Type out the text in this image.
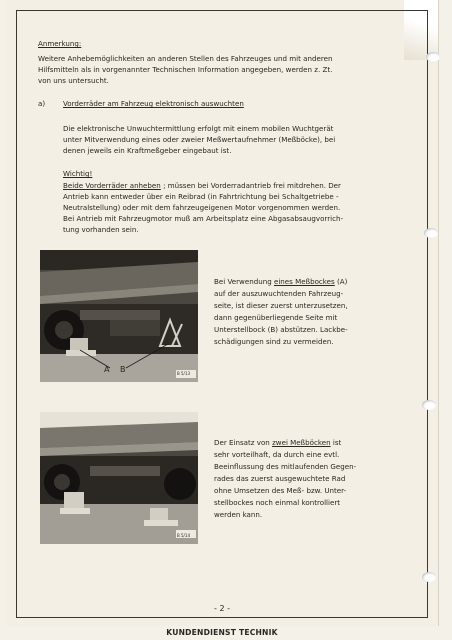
Anmerkung:
Weitere Anhebemöglichkeiten an anderen Stellen des Fahrzeuges und mit anderen
Hilfsmitteln als in vorgenannter Technischen Information angegeben, werden z. Zt.
von uns untersucht.
a)	Vorderräder am Fahrzeug elektronisch auswuchten
Die elektronische Unwuchtermittlung erfolgt mit einem mobilen Wuchtgerät
unter Mitverwendung eines oder zweier Meßwertaufnehmer (Meßböcke), bei
denen jeweils ein Kraftmeßgeber eingebaut ist.
Wichtig!
Beide Vorderräder anheben ; müssen bei Vorderradantrieb frei mitdrehen. Der
Antrieb kann entweder über ein Reibrad (in Fahrtrichtung bei Schaltgetriebe -
Neutralstellung) oder mit dem fahrzeugeigenen Motor vorgenommen werden.
Bei Antrieb mit Fahrzeugmotor muß am Arbeitsplatz eine Abgasabsaugvorrich-
tung vorhanden sein.
A B	B 5/13
Bei Verwendung eines Meßbockes (A)
auf der auszuwuchtenden Fahrzeug-
seite, ist dieser zuerst unterzusetzen,
dann gegenüberliegende Seite mit
Unterstellbock (B) abstützen. Lackbe-
schädigungen sind zu vermeiden.
B 5/14
Der Einsatz von zwei Meßböcken ist
sehr vorteilhaft, da durch eine evtl.
Beeinflussung des mitlaufenden Gegen-
rades das zuerst ausgewuchtete Rad
ohne Umsetzen des Meß- bzw. Unter-
stellbockes noch einmal kontrolliert
werden kann.
- 2 -
KUNDENDIENST TECHNIK
